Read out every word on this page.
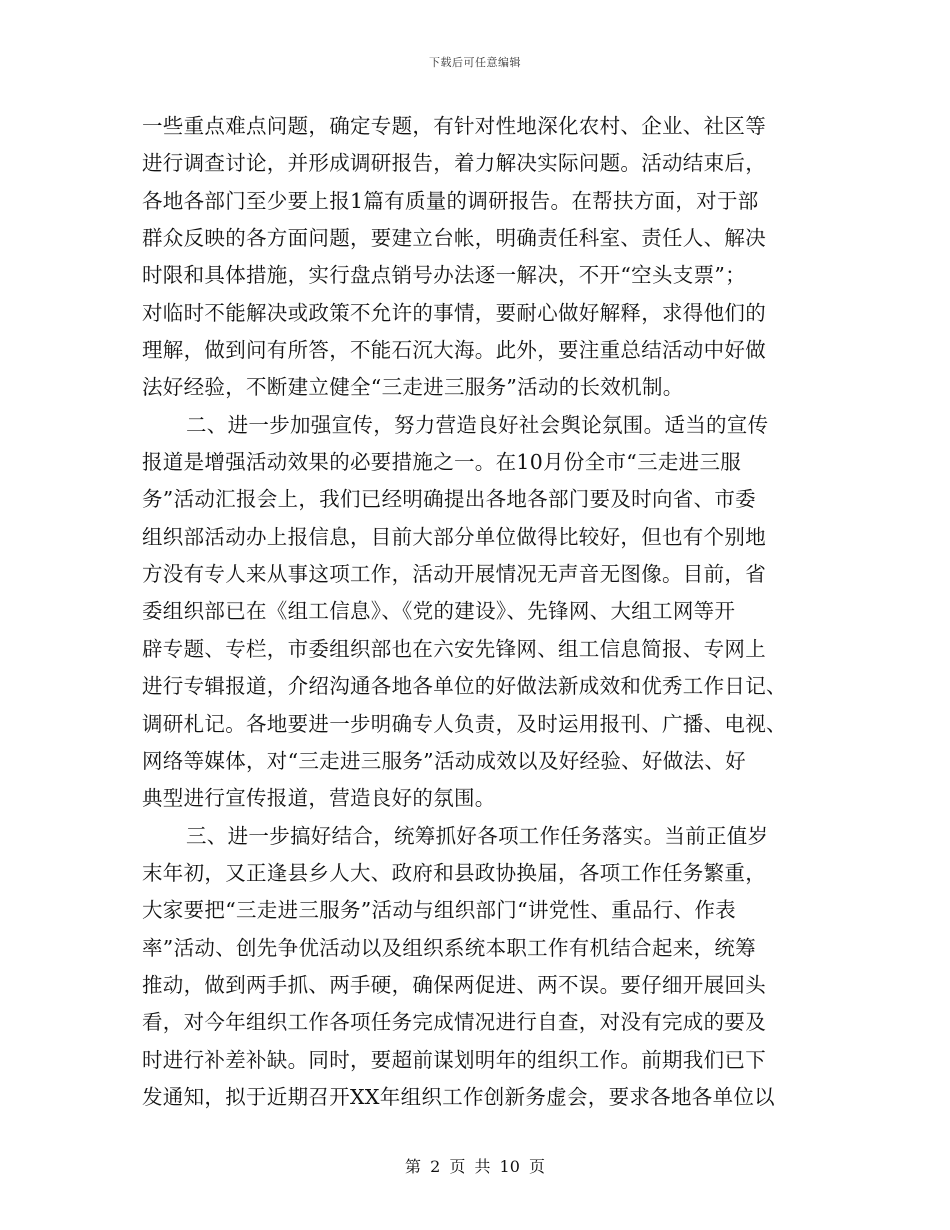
下载后可任意编辑
一些重点难点问题，确定专题，有针对性地深化农村、企业、社区等
进行调查讨论，并形成调研报告，着力解决实际问题。活动结束后，
各地各部门至少要上报1篇有质量的调研报告。在帮扶方面，对于部
群众反映的各方面问题，要建立台帐，明确责任科室、责任人、解决
时限和具体措施，实行盘点销号办法逐一解决，不开“空头支票”；
对临时不能解决或政策不允许的事情，要耐心做好解释，求得他们的
理解，做到问有所答，不能石沉大海。此外，要注重总结活动中好做
法好经验，不断建立健全“三走进三服务”活动的长效机制。
二、进一步加强宣传，努力营造良好社会舆论氛围。适当的宣传
报道是增强活动效果的必要措施之一。在10月份全市“三走进三服
务”活动汇报会上，我们已经明确提出各地各部门要及时向省、市委
组织部活动办上报信息，目前大部分单位做得比较好，但也有个别地
方没有专人来从事这项工作，活动开展情况无声音无图像。目前，省
委组织部已在《组工信息》、《党的建设》、先锋网、大组工网等开
辟专题、专栏，市委组织部也在六安先锋网、组工信息简报、专网上
进行专辑报道，介绍沟通各地各单位的好做法新成效和优秀工作日记、
调研札记。各地要进一步明确专人负责，及时运用报刊、广播、电视、
网络等媒体，对“三走进三服务”活动成效以及好经验、好做法、好
典型进行宣传报道，营造良好的氛围。
三、进一步搞好结合，统筹抓好各项工作任务落实。当前正值岁
末年初，又正逢县乡人大、政府和县政协换届，各项工作任务繁重，
大家要把“三走进三服务”活动与组织部门“讲党性、重品行、作表
率”活动、创先争优活动以及组织系统本职工作有机结合起来，统筹
推动，做到两手抓、两手硬，确保两促进、两不误。要仔细开展回头
看，对今年组织工作各项任务完成情况进行自查，对没有完成的要及
时进行补差补缺。同时，要超前谋划明年的组织工作。前期我们已下
发通知，拟于近期召开XX年组织工作创新务虚会，要求各地各单位以
第 2 页 共 10 页
